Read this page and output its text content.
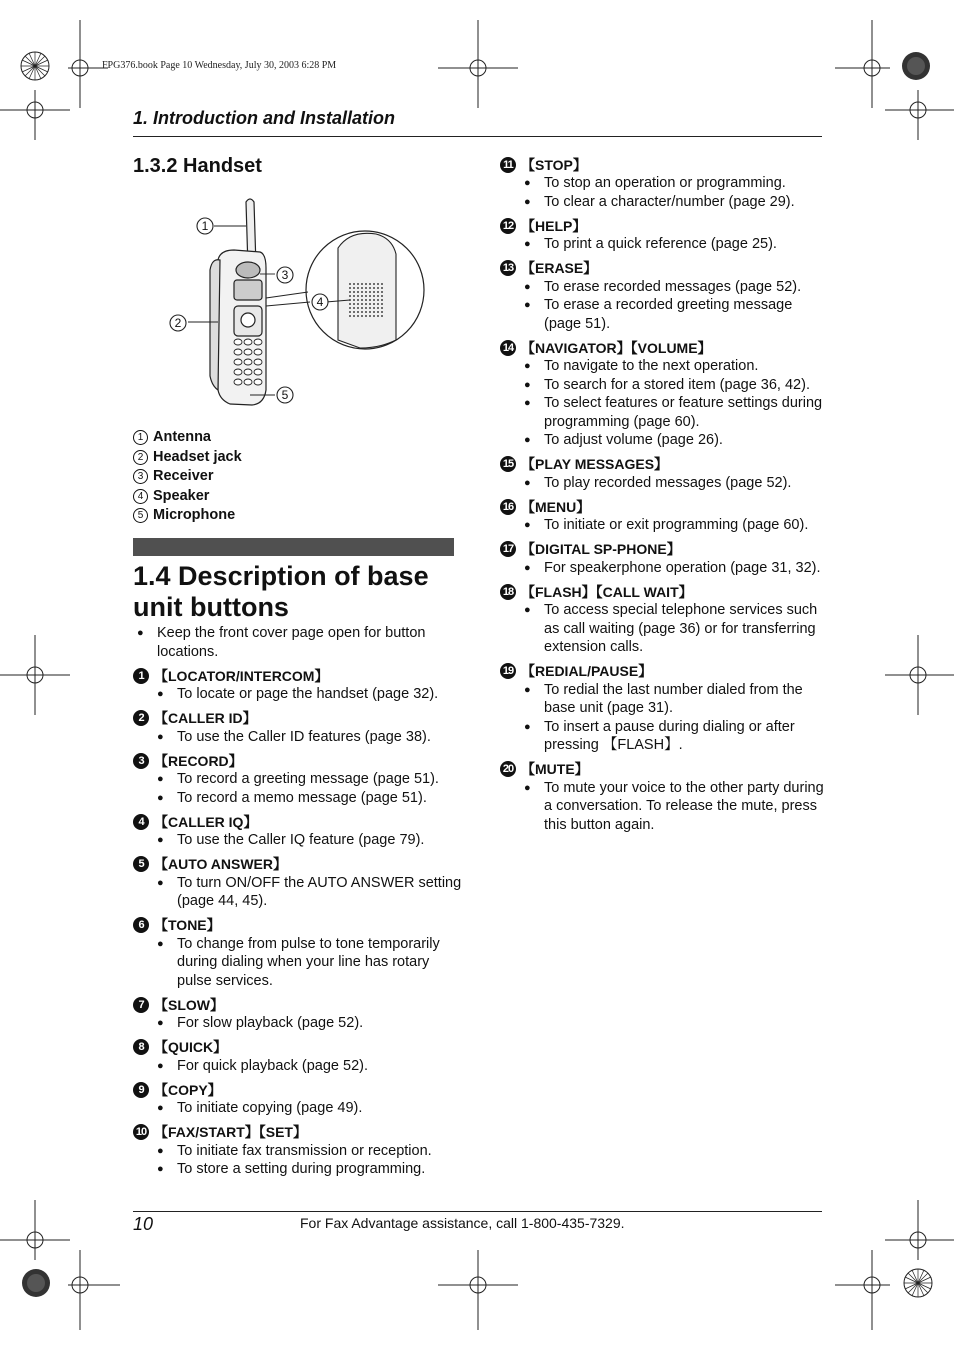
FPG376.book Page 10 Wednesday, July 30, 2003 6:28 PM
1. Introduction and Installation
1.3.2 Handset
1
3
4
2
5
1 Antenna
2 Headset jack
3 Receiver
4 Speaker
5 Microphone
1.4 Description of base unit buttons
● Keep the front cover page open for button locations.
1 【LOCATOR/INTERCOM】
● To locate or page the handset (page 32).
2 【CALLER ID】
● To use the Caller ID features (page 38).
3 【RECORD】
● To record a greeting message (page 51).
● To record a memo message (page 51).
4 【CALLER IQ】
● To use the Caller IQ feature (page 79).
5 【AUTO ANSWER】
● To turn ON/OFF the AUTO ANSWER setting (page 44, 45).
6 【TONE】
● To change from pulse to tone temporarily during dialing when your line has rotary pulse services.
7 【SLOW】
● For slow playback (page 52).
8 【QUICK】
● For quick playback (page 52).
9 【COPY】
● To initiate copying (page 49).
10 【FAX/START】【SET】
● To initiate fax transmission or reception.
● To store a setting during programming.
11 【STOP】
● To stop an operation or programming.
● To clear a character/number (page 29).
12 【HELP】
● To print a quick reference (page 25).
13 【ERASE】
● To erase recorded messages (page 52).
● To erase a recorded greeting message (page 51).
14 【NAVIGATOR】【VOLUME】
● To navigate to the next operation.
● To search for a stored item (page 36, 42).
● To select features or feature settings during programming (page 60).
● To adjust volume (page 26).
15 【PLAY MESSAGES】
● To play recorded messages (page 52).
16 【MENU】
● To initiate or exit programming (page 60).
17 【DIGITAL SP-PHONE】
● For speakerphone operation (page 31, 32).
18 【FLASH】【CALL WAIT】
● To access special telephone services such as call waiting (page 36) or for transferring extension calls.
19 【REDIAL/PAUSE】
● To redial the last number dialed from the base unit (page 31).
● To insert a pause during dialing or after pressing 【FLASH】.
20 【MUTE】
● To mute your voice to the other party during a conversation. To release the mute, press this button again.
10	For Fax Advantage assistance, call 1-800-435-7329.
